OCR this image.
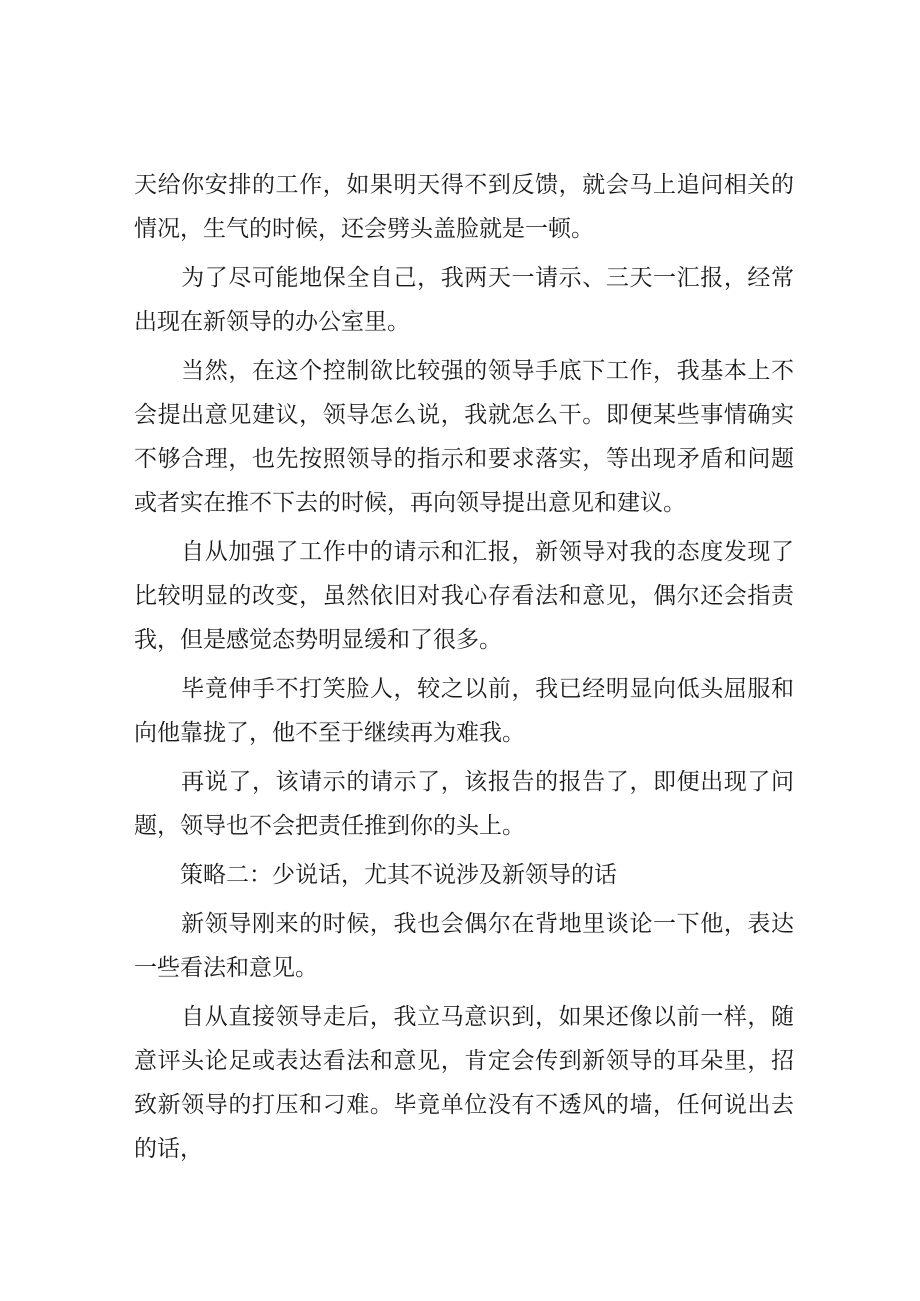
天给你安排的工作，如果明天得不到反馈，就会马上追问相关的情况，生气的时候，还会劈头盖脸就是一顿。

　　为了尽可能地保全自己，我两天一请示、三天一汇报，经常出现在新领导的办公室里。

　　当然，在这个控制欲比较强的领导手底下工作，我基本上不会提出意见建议，领导怎么说，我就怎么干。即便某些事情确实不够合理，也先按照领导的指示和要求落实，等出现矛盾和问题或者实在推不下去的时候，再向领导提出意见和建议。

　　自从加强了工作中的请示和汇报，新领导对我的态度发现了比较明显的改变，虽然依旧对我心存看法和意见，偶尔还会指责我，但是感觉态势明显缓和了很多。

　　毕竟伸手不打笑脸人，较之以前，我已经明显向低头屈服和向他靠拢了，他不至于继续再为难我。

　　再说了，该请示的请示了，该报告的报告了，即便出现了问题，领导也不会把责任推到你的头上。

　　策略二：少说话，尤其不说涉及新领导的话

　　新领导刚来的时候，我也会偶尔在背地里谈论一下他，表达一些看法和意见。

　　自从直接领导走后，我立马意识到，如果还像以前一样，随意评头论足或表达看法和意见，肯定会传到新领导的耳朵里，招致新领导的打压和刁难。毕竟单位没有不透风的墙，任何说出去的话，
